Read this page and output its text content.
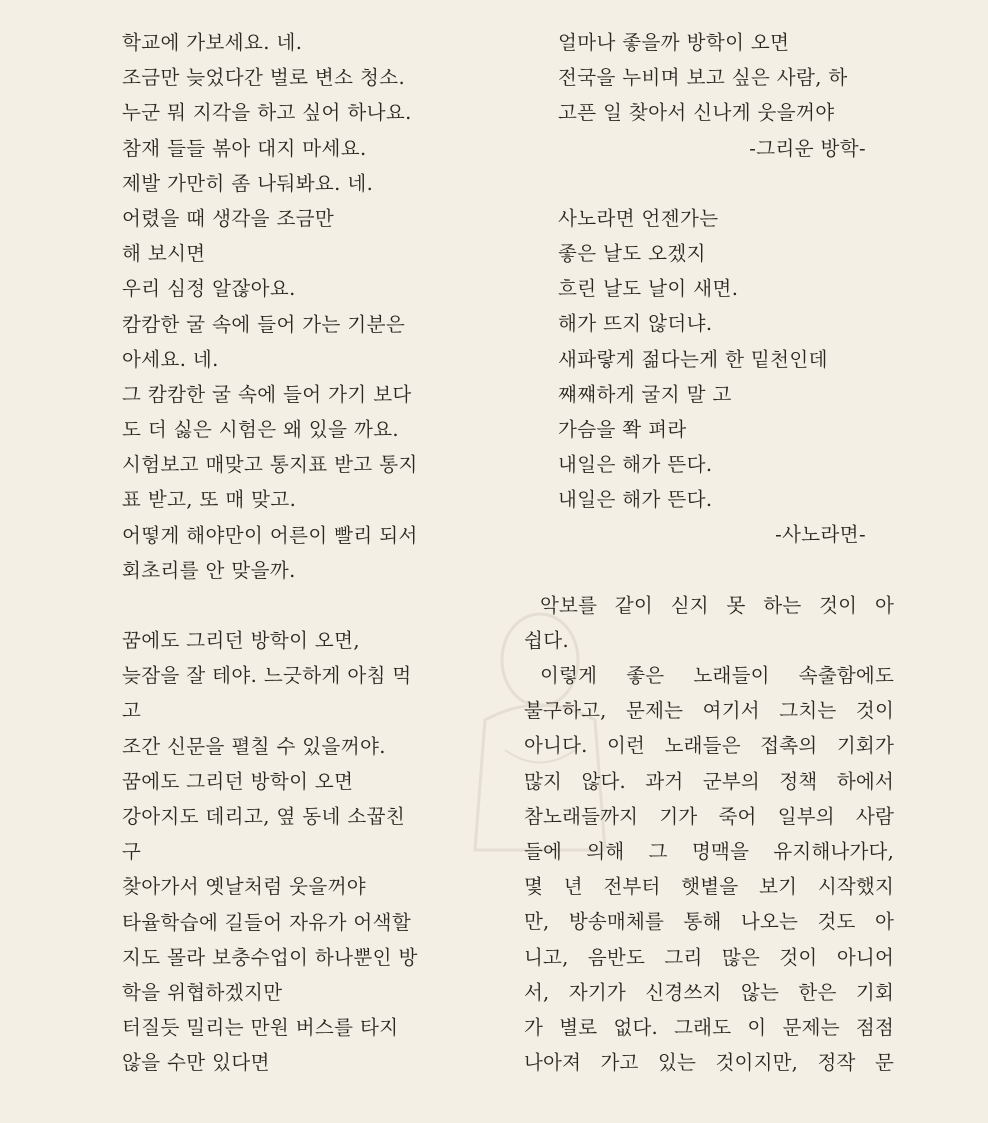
학교에 가보세요. 네.
조금만 늦었다간 벌로 변소 청소.
누군 뭐 지각을 하고 싶어 하나요.
참재 들들 볶아 대지 마세요.
제발 가만히 좀 나둬봐요. 네.
어렸을 때 생각을 조금만
해 보시면
우리 심정 알잖아요.
캄캄한 굴 속에 들어 가는 기분은
아세요. 네.
그 캄캄한 굴 속에 들어 가기 보다
도 더 싫은 시험은 왜 있을 까요.
시험보고 매맞고 통지표 받고 통지
표 받고, 또 매 맞고.
어떻게 해야만이 어른이 빨리 되서
회초리를 안 맞을까.
꿈에도 그리던 방학이 오면,
늦잠을 잘 테야. 느긋하게 아침 먹
고
조간 신문을 펼칠 수 있을꺼야.
꿈에도 그리던 방학이 오면
강아지도 데리고, 옆 동네 소꿉친
구
찾아가서 옛날처럼 웃을꺼야
타율학습에 길들어 자유가 어색할
지도 몰라 보충수업이 하나뿐인 방
학을 위협하겠지만
터질듯 밀리는 만원 버스를 타지
않을 수만 있다면
얼마나 좋을까 방학이 오면
전국을 누비며 보고 싶은 사람, 하
고픈 일 찾아서 신나게 웃을꺼야
-그리운 방학-
사노라면 언젠가는
좋은 날도 오겠지
흐린 날도 날이 새면.
해가 뜨지 않더냐.
새파랗게 젊다는게 한 밑천인데
쨰쨰하게 굴지 말 고
가슴을 쫙 펴라
내일은 해가 뜬다.
내일은 해가 뜬다.
-사노라면-
악보를 같이 싣지 못 하는 것이 아
쉽다.
이렇게 좋은 노래들이 속출함에도
불구하고, 문제는 여기서 그치는 것이
아니다. 이런 노래들은 접촉의 기회가
많지 않다. 과거 군부의 정책 하에서
참노래들까지 기가 죽어 일부의 사람
들에 의해 그 명맥을 유지해나가다,
몇 년 전부터 햇볕을 보기 시작했지
만, 방송매체를 통해 나오는 것도 아
니고, 음반도 그리 많은 것이 아니어
서, 자기가 신경쓰지 않는 한은 기회
가 별로 없다. 그래도 이 문제는 점점
나아져 가고 있는 것이지만, 정작 문
